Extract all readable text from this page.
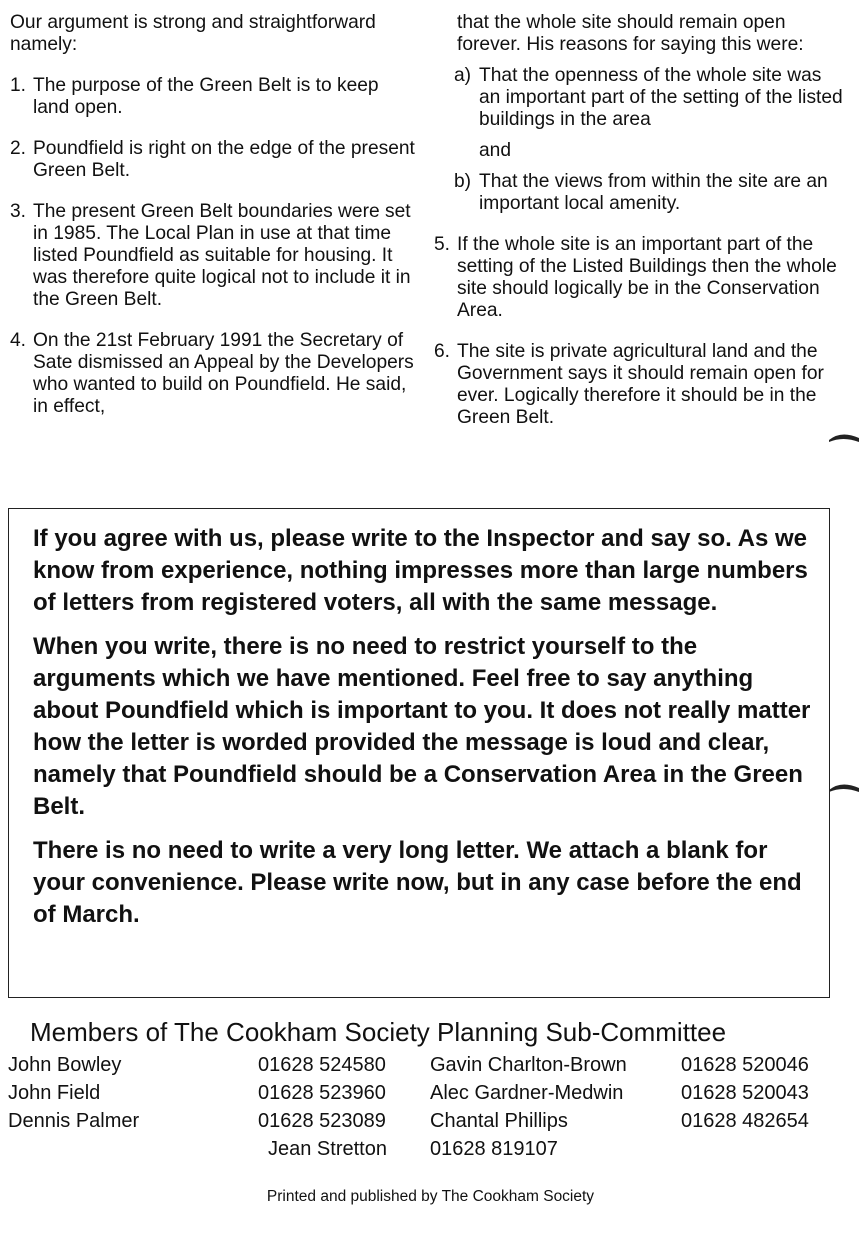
Our argument is strong and straightforward namely:

1. The purpose of the Green Belt is to keep land open.
2. Poundfield is right on the edge of the present Green Belt.
3. The present Green Belt boundaries were set in 1985. The Local Plan in use at that time listed Poundfield as suitable for housing. It was therefore quite logical not to include it in the Green Belt.
4. On the 21st February 1991 the Secretary of Sate dismissed an Appeal by the Developers who wanted to build on Poundfield. He said, in effect,

that the whole site should remain open forever. His reasons for saying this were:

a) That the openness of the whole site was an important part of the setting of the listed buildings in the area
and
b) That the views from within the site are an important local amenity.
5. If the whole site is an important part of the setting of the Listed Buildings then the whole site should logically be in the Conservation Area.
6. The site is private agricultural land and the Government says it should remain open for ever. Logically therefore it should be in the Green Belt.

If you agree with us, please write to the Inspector and say so. As we know from experience, nothing impresses more than large numbers of letters from registered voters, all with the same message.

When you write, there is no need to restrict yourself to the arguments which we have mentioned. Feel free to say anything about Poundfield which is important to you. It does not really matter how the letter is worded provided the message is loud and clear, namely that Poundfield should be a Conservation Area in the Green Belt.

There is no need to write a very long letter. We attach a blank for your convenience. Please write now, but in any case before the end of March.

Members of The Cookham Society Planning Sub-Committee
John Bowley	01628 524580 Gavin Charlton-Brown	01628 520046
John Field	01628 523960 Alec Gardner-Medwin	01628 520043
Dennis Palmer	01628 523089 Chantal Phillips	01628 482654
Jean Stretton 01628 819107
Printed and published by The Cookham Society
